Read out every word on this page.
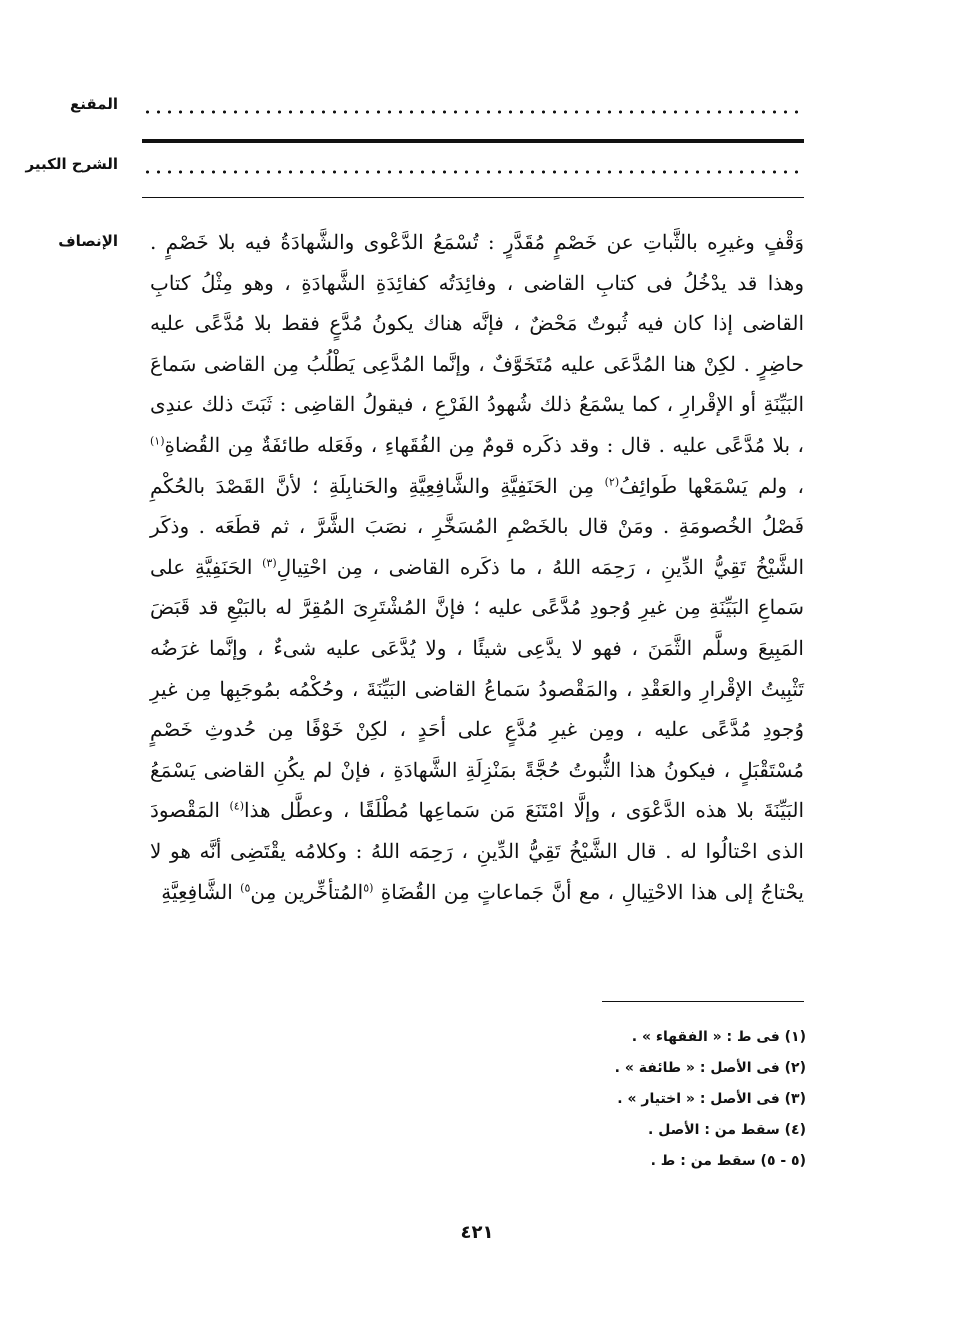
المقنع
الشرح الكبير
الإنصاف وَقْفٍ وغيرِه بالثَّباتِ عن خَصْمٍ مُقَدَّرٍ : تُسْمَعُ الدَّعْوى والشَّهادَةُ فيه بلا خَصْمٍ . وهذا قد يدْخُلُ فى كتابِ القاضى ، وفائِدَتُه كفائِدَةِ الشَّهادَةِ ، وهو مِثْلُ كتابِ القاضى إذا كان فيه ثُبوتٌ مَحْضٌ ، فإنَّه هناك يكونُ مُدَّعٍ فقط بلا مُدَّعًى عليه حاضِرٍ . لكِنْ هنا المُدَّعَى عليه مُتَخَوَّفٌ ، وإنَّما المُدَّعِى يَطْلُبُ مِن القاضى سَماعَ البَيِّنَةِ أو الإقْرارِ ، كما يسْمَعُ ذلك شُهودُ الفَرْعِ ، فيقولُ القاضِى : ثَبَتَ ذلك عندِى ، بلا مُدَّعًى عليه . قال : وقد ذكَره قومٌ مِن الفُقَهاءِ ، وفَعَله طائفَةٌ مِن القُضاةِ$^{(١)}$ ، ولم يَسْمَعْها طَوائِفُ$^{(٢)}$ مِن الحَنَفِيَّةِ والشَّافِعِيَّةِ والحَنابِلَةِ ؛ لأنَّ القَصْدَ بالحُكْمِ فَصْلُ الخُصومَةِ . ومَنْ قال بالخَصْمِ المُسَخَّرِ ، نصَبَ الشَّرَّ ، ثم قطَعَه . وذكَر الشَّيْخُ تَقِيُّ الدِّينِ ، رَحِمَه اللهُ ، ما ذكَره القاضى ، مِن احْتِيالِ$^{(٣)}$ الحَنَفِيَّةِ على سَماعِ البَيِّنَةِ مِن غيرِ وُجودِ مُدَّعًى عليه ؛ فإنَّ المُشْتَرِىَ المُقِرَّ له بالبَيْعِ قد قَبَضَ المَبِيعَ وسلَّم الثَّمَنَ ، فهو لا يدَّعِى شيئًا ، ولا يُدَّعَى عليه شىءٌ ، وإنَّما غرَضُه تَثْبِيتُ الإقْرارِ والعَقْدِ ، والمَقْصودُ سَماعُ القاضى البَيِّنَةَ ، وحُكْمُه بمُوجَبِها مِن غيرِ وُجودِ مُدَّعًى عليه ، ومِن غيرِ مُدَّعٍ على أحَدٍ ، لكِنْ خَوْفًا مِن حُدوثِ خَصْمٍ مُسْتَقْبَلٍ ، فيكونُ هذا الثُّبوتُ حُجَّةً بمَنْزِلَةِ الشَّهادَةِ ، فإنْ لم يكُنِ القاضى يَسْمَعُ البَيِّنَةَ بلا هذه الدَّعْوَى ، وإلَّا امْتَنَعَ مَن سَماعِها مُطْلَقًا ، وعطَّل هذا$^{(٤)}$ المَقْصودَ الذى احْتالُوا له . قال الشَّيْخُ تَقِيُّ الدِّينِ ، رَحِمَه اللهُ : وكلامُه يقْتَضِى أنَّه هو لا يحْتاجُ إلى هذا الاحْتِيالِ ، مع أنَّ جَماعاتٍ مِن القُضَاةِ $^{(٥}$المُتأخِّرين مِن$^{٥)}$ الشَّافِعِيَّةِ

(١) فى ط : « الفقهاء » .
(٢) فى الأصل : « طائفة » .
(٣) فى الأصل : « اختيار » .
(٤) سقط من : الأصل .
(٥ - ٥) سقط من : ط .
٤٢١
